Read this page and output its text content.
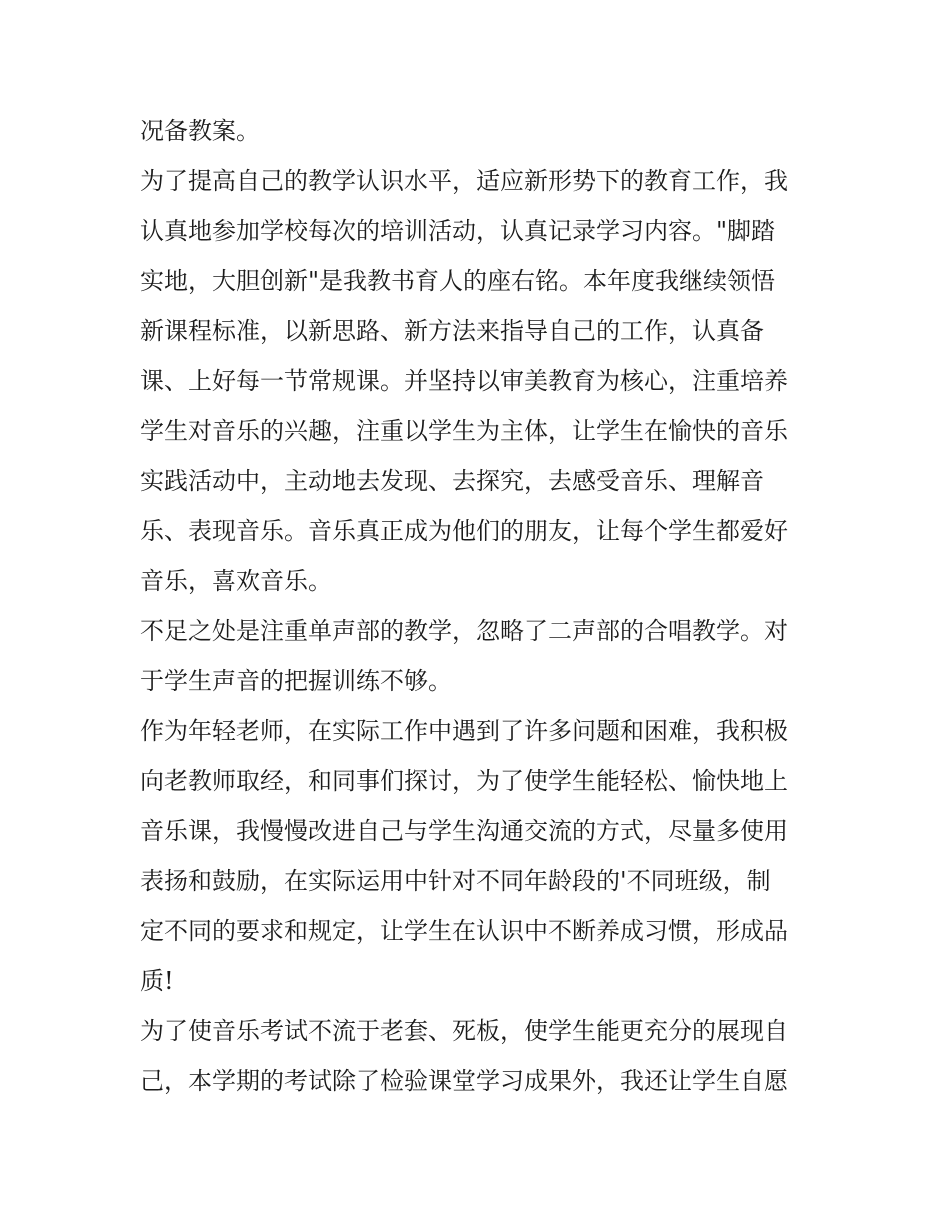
况备教案。
为了提高自己的教学认识水平，适应新形势下的教育工作，我
认真地参加学校每次的培训活动，认真记录学习内容。"脚踏
实地，大胆创新"是我教书育人的座右铭。本年度我继续领悟
新课程标准，以新思路、新方法来指导自己的工作，认真备
课、上好每一节常规课。并坚持以审美教育为核心，注重培养
学生对音乐的兴趣，注重以学生为主体，让学生在愉快的音乐
实践活动中，主动地去发现、去探究，去感受音乐、理解音
乐、表现音乐。音乐真正成为他们的朋友，让每个学生都爱好
音乐，喜欢音乐。
不足之处是注重单声部的教学，忽略了二声部的合唱教学。对
于学生声音的把握训练不够。
作为年轻老师，在实际工作中遇到了许多问题和困难，我积极
向老教师取经，和同事们探讨，为了使学生能轻松、愉快地上
音乐课，我慢慢改进自己与学生沟通交流的方式，尽量多使用
表扬和鼓励，在实际运用中针对不同年龄段的'不同班级，制
定不同的要求和规定，让学生在认识中不断养成习惯，形成品
质!
为了使音乐考试不流于老套、死板，使学生能更充分的展现自
己，本学期的考试除了检验课堂学习成果外，我还让学生自愿
